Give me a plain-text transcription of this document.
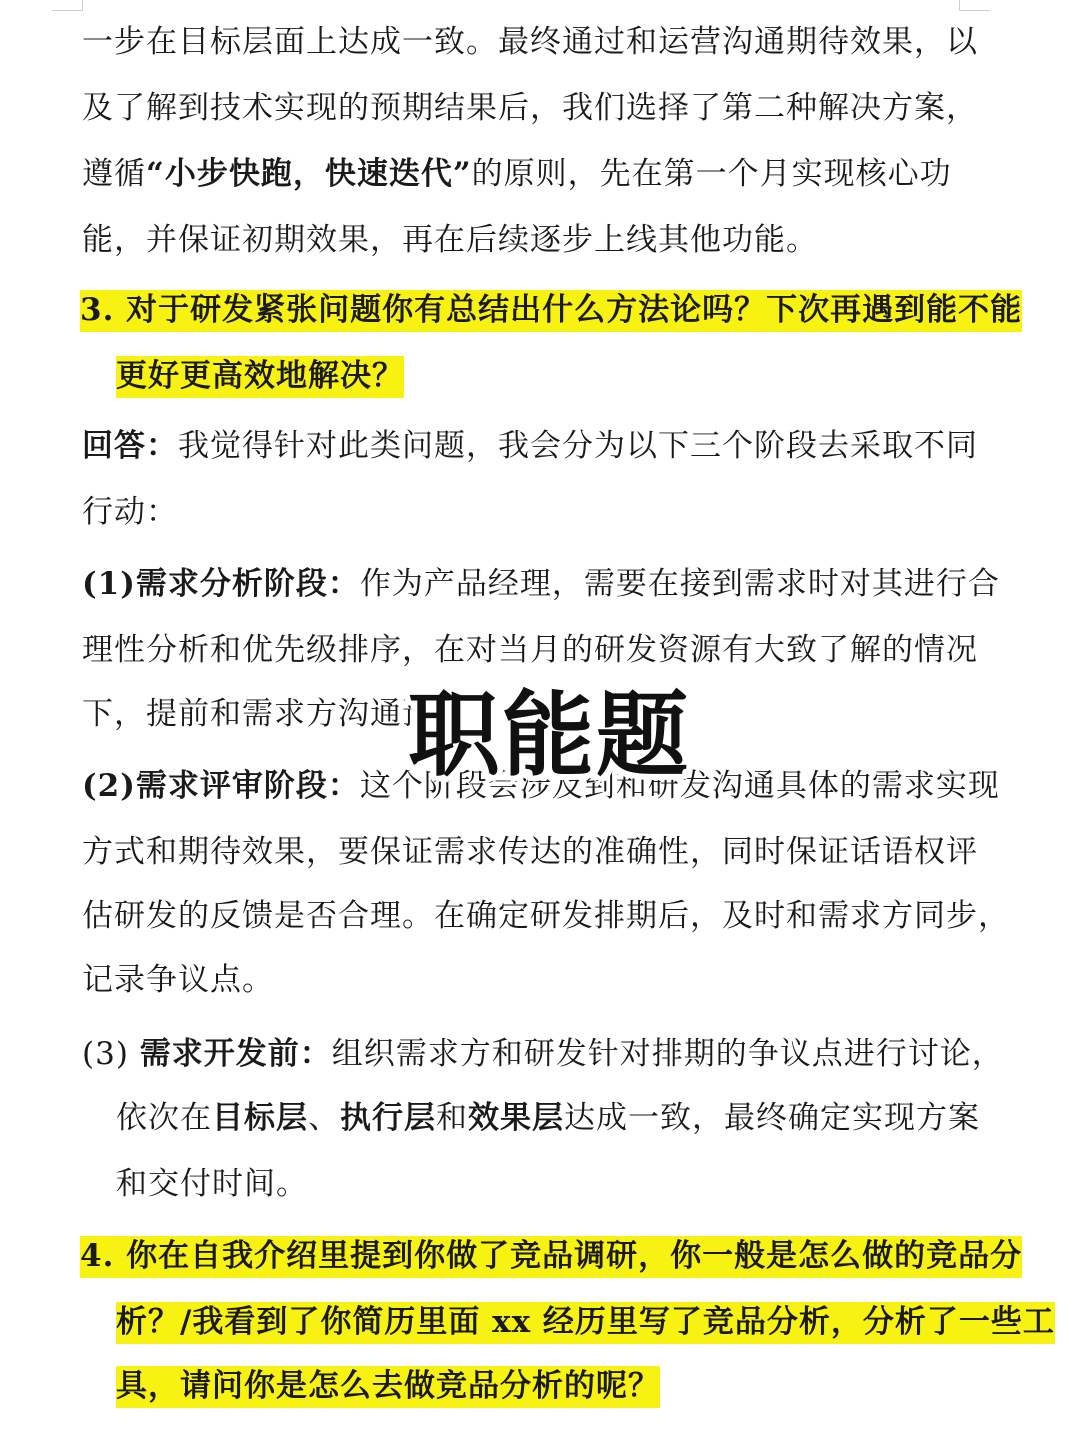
一步在目标层面上达成一致。最终通过和运营沟通期待效果，以
及了解到技术实现的预期结果后，我们选择了第二种解决方案，
遵循“小步快跑，快速迭代”的原则，先在第一个月实现核心功
能，并保证初期效果，再在后续逐步上线其他功能。
3. 对于研发紧张问题你有总结出什么方法论吗？下次再遇到能不能
更好更高效地解决？
回答：我觉得针对此类问题，我会分为以下三个阶段去采取不同
行动：
(1)需求分析阶段：作为产品经理，需要在接到需求时对其进行合
理性分析和优先级排序，在对当月的研发资源有大致了解的情况
下，提前和需求方沟通预
(2)需求评审阶段：这个阶段会涉及到和研发沟通具体的需求实现
方式和期待效果，要保证需求传达的准确性，同时保证话语权评
估研发的反馈是否合理。在确定研发排期后，及时和需求方同步，
记录争议点。
(3) 需求开发前：组织需求方和研发针对排期的争议点进行讨论，
依次在目标层、执行层和效果层达成一致，最终确定实现方案
和交付时间。
4. 你在自我介绍里提到你做了竞品调研，你一般是怎么做的竞品分
析？/我看到了你简历里面 xx 经历里写了竞品分析，分析了一些工
具，请问你是怎么去做竞品分析的呢？
职能题
